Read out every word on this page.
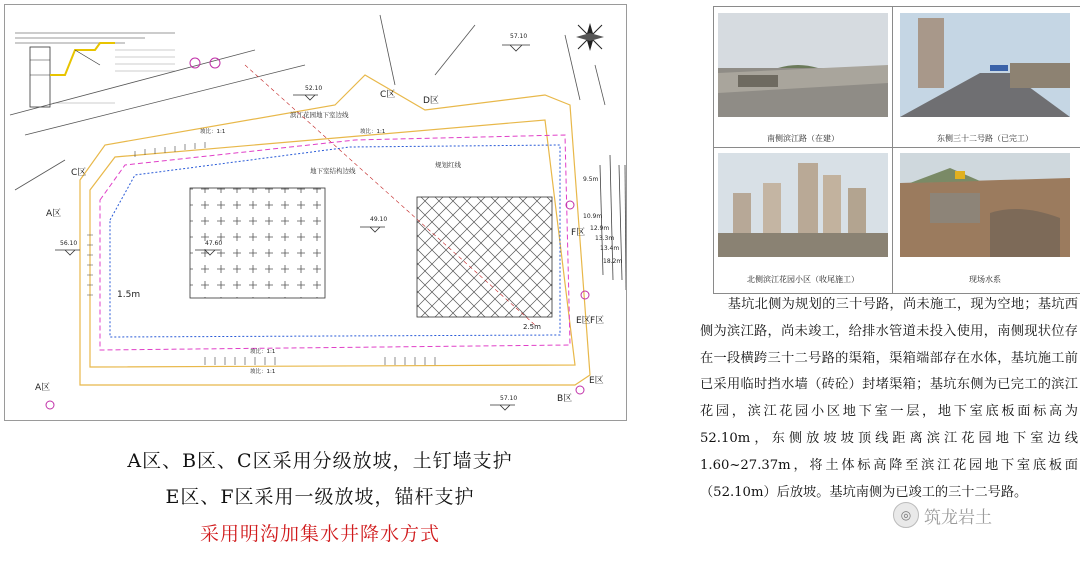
57.10
52.10
49.10
56.10
57.10
47.60
滨江花园地下室边线
地下室结构边线
规划红线
坡比：1:1	坡比：1:1
坡比：1:1
坡比：1:1
1.5m
2.5m
9.5m
10.9m
12.9m
13.3m
13.4m
18.2m
A区
A区
B区
C区
D区
E区
E区
F区
F区
C区
A区、B区、C区采用分级放坡，土钉墙支护
E区、F区采用一级放坡，锚杆支护
采用明沟加集水井降水方式
南侧滨江路（在建）	东侧三十二号路（已完工）
北侧滨江花园小区（收尾施工）	现场水系

基坑北侧为规划的三十号路，尚未施工，现为空地；基坑西侧为滨江路，尚未竣工，给排水管道未投入使用，南侧现状位存在一段横跨三十二号路的渠箱，渠箱端部存在水体，基坑施工前已采用临时挡水墙（砖砼）封堵渠箱；基坑东侧为已完工的滨江花园，滨江花园小区地下室一层，地下室底板面标高为52.10m，东侧放坡坡顶线距离滨江花园地下室边线1.60~27.37m，将土体标高降至滨江花园地下室底板面（52.10m）后放坡。基坑南侧为已竣工的三十二号路。

◎ 筑龙岩土
